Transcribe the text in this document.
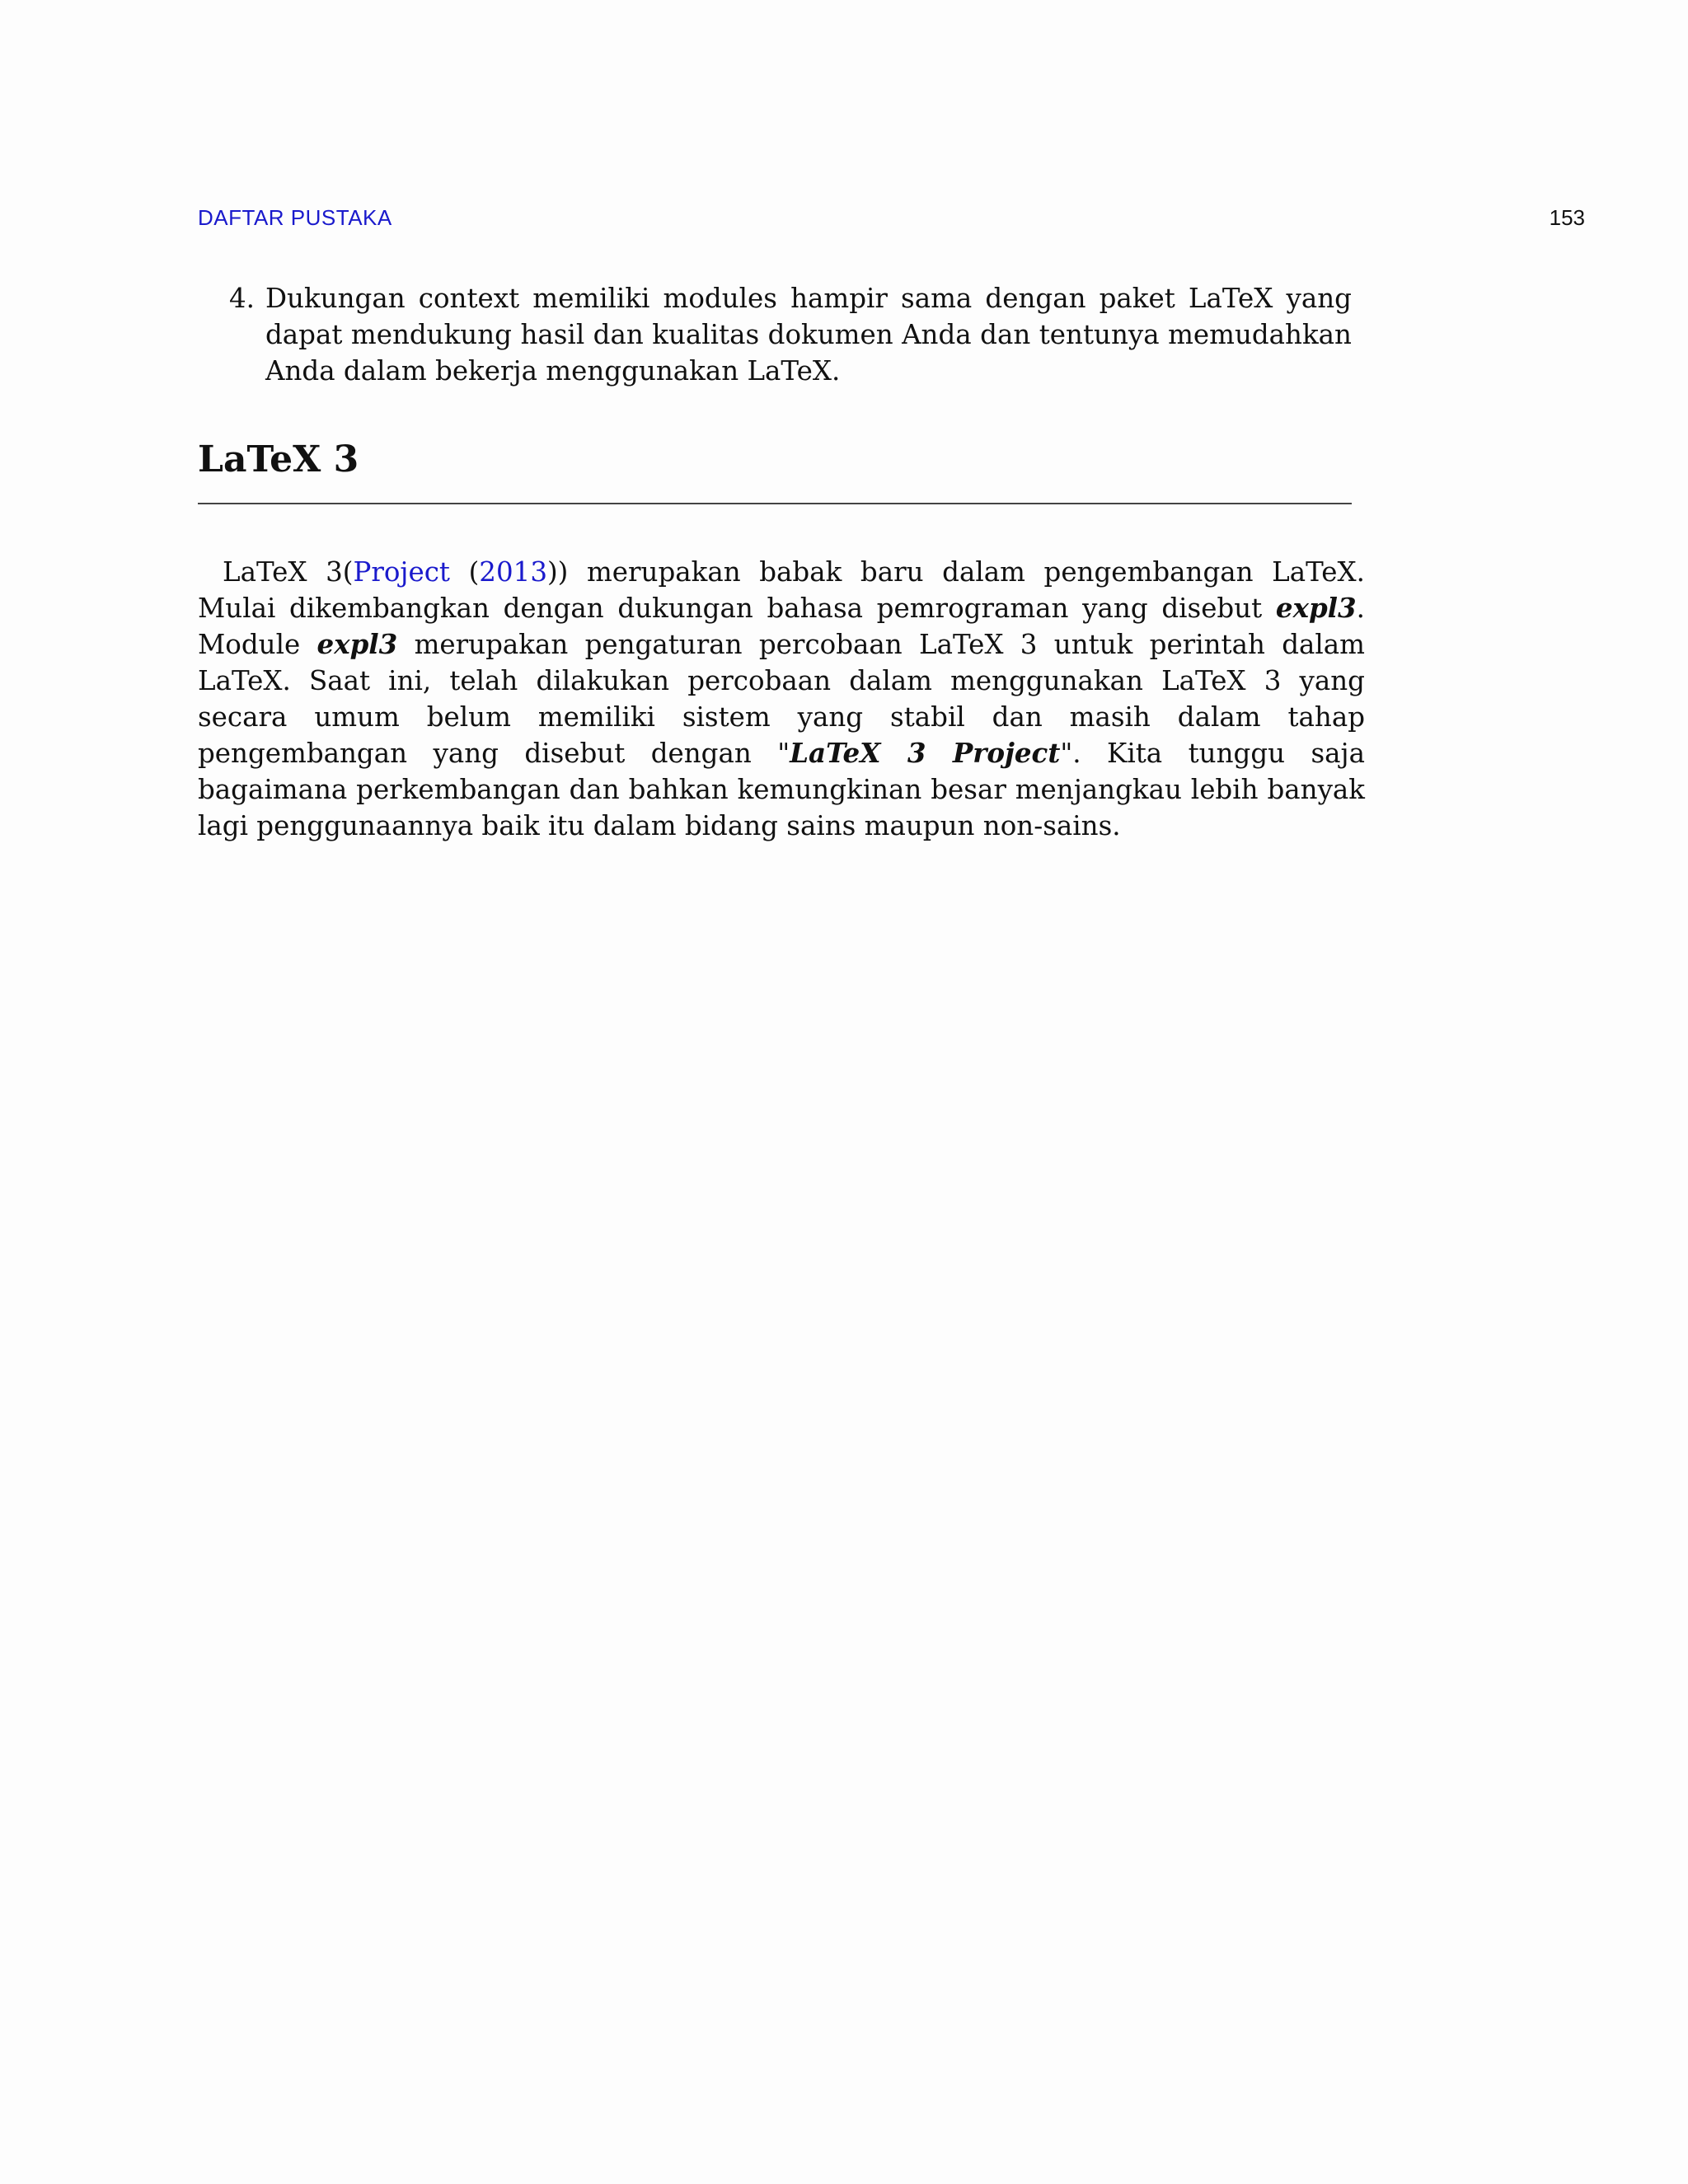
DAFTAR PUSTAKA	153

4. Dukungan context memiliki modules hampir sama dengan paket LaTeX yang dapat mendukung hasil dan kualitas dokumen Anda dan tentunya memudahkan Anda dalam bekerja menggunakan LaTeX.

LaTeX 3

LaTeX 3(Project (2013)) merupakan babak baru dalam pengembangan LaTeX. Mulai dikembangkan dengan dukungan bahasa pemrograman yang disebut expl3. Module expl3 merupakan pengaturan percobaan LaTeX 3 untuk perintah dalam LaTeX. Saat ini, telah dilakukan percobaan dalam menggunakan LaTeX 3 yang secara umum belum memiliki sistem yang stabil dan masih dalam tahap pengembangan yang disebut dengan "LaTeX 3 Project". Kita tunggu saja bagaimana perkembangan dan bahkan kemungkinan besar menjangkau lebih banyak lagi penggunaannya baik itu dalam bidang sains maupun non-sains.
